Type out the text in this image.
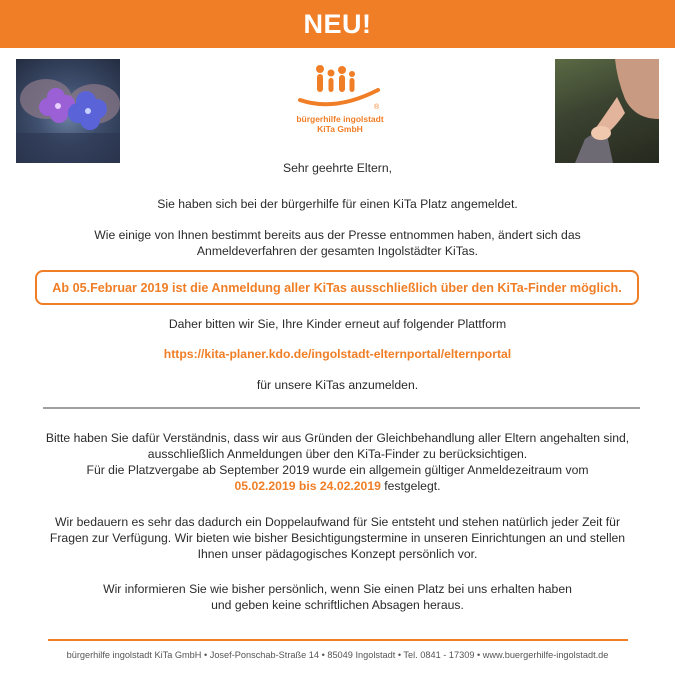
NEU!
®
bürgerhilfe ingolstadt
KiTa GmbH
Sehr geehrte Eltern,
Sie haben sich bei der bürgerhilfe für einen KiTa Platz angemeldet.
Wie einige von Ihnen bestimmt bereits aus der Presse entnommen haben, ändert sich das
Anmeldeverfahren der gesamten Ingolstädter KiTas.
Ab 05.Februar 2019 ist die Anmeldung aller KiTas ausschließlich über den KiTa-Finder möglich.
Daher bitten wir Sie, Ihre Kinder erneut auf folgender Plattform
https://kita-planer.kdo.de/ingolstadt-elternportal/elternportal
für unsere KiTas anzumelden.
Bitte haben Sie dafür Verständnis, dass wir aus Gründen der Gleichbehandlung aller Eltern angehalten sind,
ausschließlich Anmeldungen über den KiTa-Finder zu berücksichtigen.
Für die Platzvergabe ab September 2019 wurde ein allgemein gültiger Anmeldezeitraum vom
05.02.2019 bis 24.02.2019 festgelegt.
Wir bedauern es sehr das dadurch ein Doppelaufwand für Sie entsteht und stehen natürlich jeder Zeit für
Fragen zur Verfügung. Wir bieten wie bisher Besichtigungstermine in unseren Einrichtungen an und stellen
Ihnen unser pädagogisches Konzept persönlich vor.
Wir informieren Sie wie bisher persönlich, wenn Sie einen Platz bei uns erhalten haben
und geben keine schriftlichen Absagen heraus.
bürgerhilfe ingolstadt KiTa GmbH • Josef-Ponschab-Straße 14 • 85049 Ingolstadt • Tel. 0841 - 17309 • www.buergerhilfe-ingolstadt.de
